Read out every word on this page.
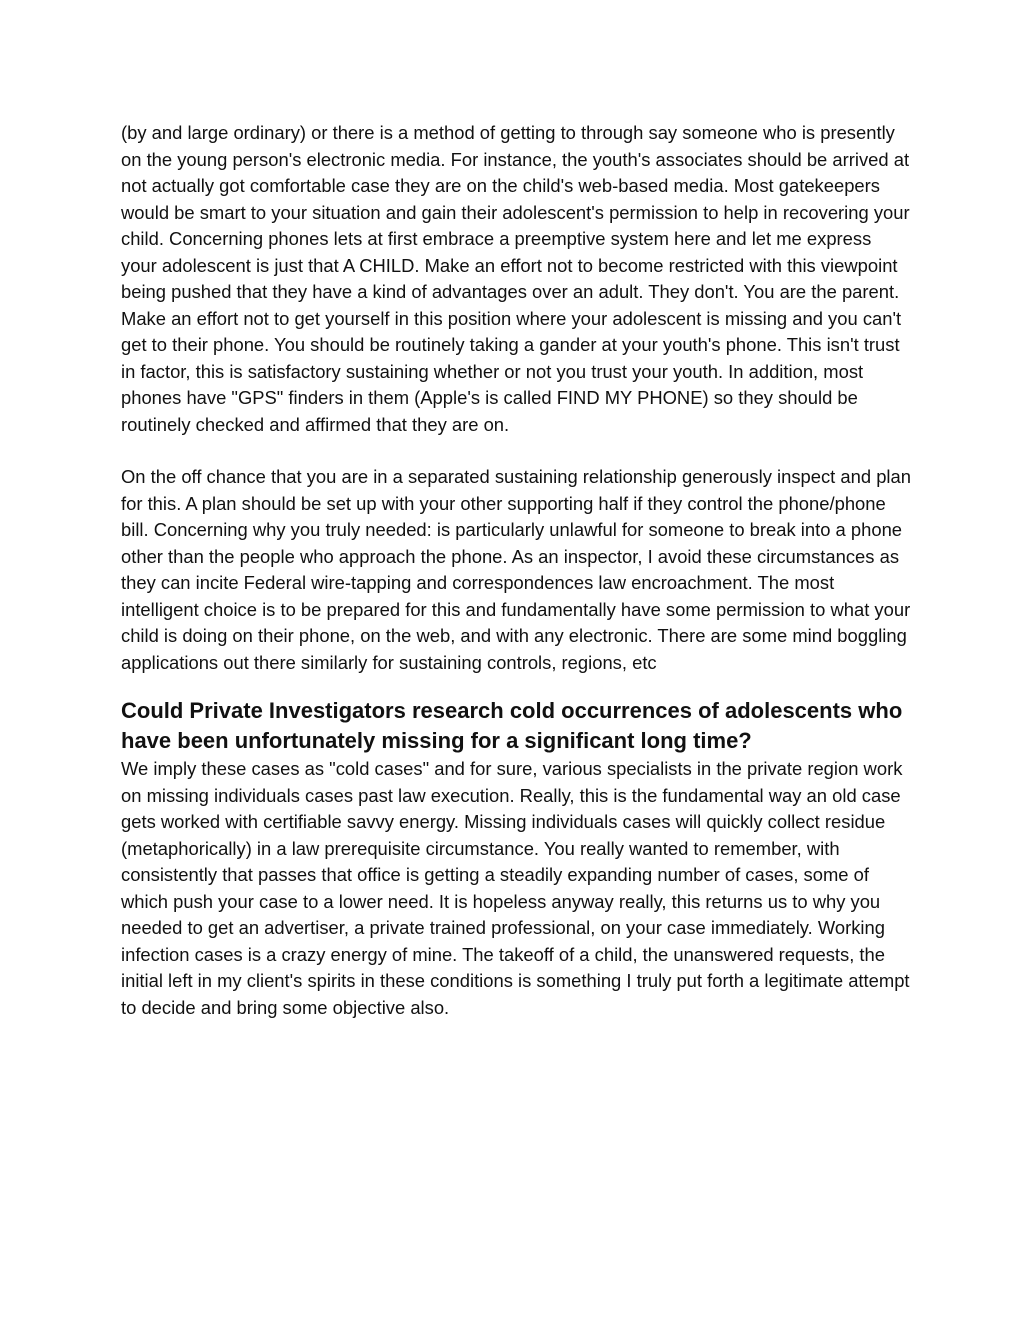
(by and large ordinary) or there is a method of getting to through say someone who is presently on the young person's electronic media. For instance, the youth's associates should be arrived at not actually got comfortable case they are on the child's web-based media. Most gatekeepers would be smart to your situation and gain their adolescent's permission to help in recovering your child. Concerning phones lets at first embrace a preemptive system here and let me express your adolescent is just that A CHILD. Make an effort not to become restricted with this viewpoint being pushed that they have a kind of advantages over an adult. They don't. You are the parent. Make an effort not to get yourself in this position where your adolescent is missing and you can't get to their phone. You should be routinely taking a gander at your youth's phone. This isn't trust in factor, this is satisfactory sustaining whether or not you trust your youth. In addition, most phones have "GPS" finders in them (Apple's is called FIND MY PHONE) so they should be routinely checked and affirmed that they are on.

On the off chance that you are in a separated sustaining relationship generously inspect and plan for this. A plan should be set up with your other supporting half if they control the phone/phone bill. Concerning why you truly needed: is particularly unlawful for someone to break into a phone other than the people who approach the phone. As an inspector, I avoid these circumstances as they can incite Federal wire-tapping and correspondences law encroachment. The most intelligent choice is to be prepared for this and fundamentally have some permission to what your child is doing on their phone, on the web, and with any electronic. There are some mind boggling applications out there similarly for sustaining controls, regions, etc

Could Private Investigators research cold occurrences of adolescents who have been unfortunately missing for a significant long time?

We imply these cases as "cold cases" and for sure, various specialists in the private region work on missing individuals cases past law execution. Really, this is the fundamental way an old case gets worked with certifiable savvy energy. Missing individuals cases will quickly collect residue (metaphorically) in a law prerequisite circumstance. You really wanted to remember, with consistently that passes that office is getting a steadily expanding number of cases, some of which push your case to a lower need. It is hopeless anyway really, this returns us to why you needed to get an advertiser, a private trained professional, on your case immediately. Working infection cases is a crazy energy of mine. The takeoff of a child, the unanswered requests, the initial left in my client's spirits in these conditions is something I truly put forth a legitimate attempt to decide and bring some objective also.
